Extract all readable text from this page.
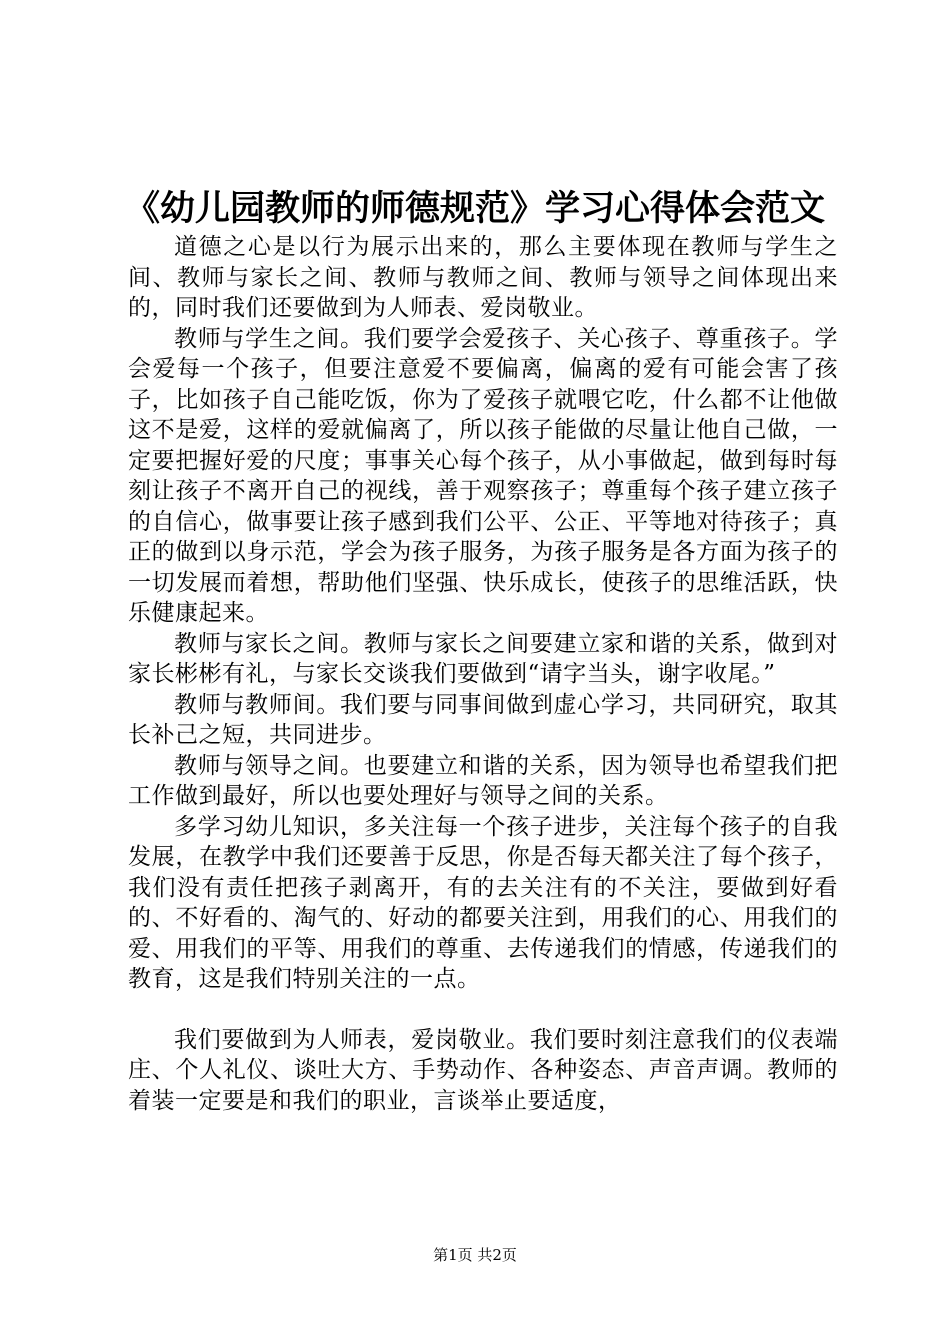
《幼儿园教师的师德规范》学习心得体会范文

道德之心是以行为展示出来的，那么主要体现在教师与学生之间、教师与家长之间、教师与教师之间、教师与领导之间体现出来的，同时我们还要做到为人师表、爱岗敬业。

教师与学生之间。我们要学会爱孩子、关心孩子、尊重孩子。学会爱每一个孩子，但要注意爱不要偏离，偏离的爱有可能会害了孩子，比如孩子自己能吃饭，你为了爱孩子就喂它吃，什么都不让他做这不是爱，这样的爱就偏离了，所以孩子能做的尽量让他自己做，一定要把握好爱的尺度；事事关心每个孩子，从小事做起，做到每时每刻让孩子不离开自己的视线，善于观察孩子；尊重每个孩子建立孩子的自信心，做事要让孩子感到我们公平、公正、平等地对待孩子；真正的做到以身示范，学会为孩子服务，为孩子服务是各方面为孩子的一切发展而着想，帮助他们坚强、快乐成长，使孩子的思维活跃，快乐健康起来。

教师与家长之间。教师与家长之间要建立家和谐的关系，做到对家长彬彬有礼，与家长交谈我们要做到“请字当头，谢字收尾。”

教师与教师间。我们要与同事间做到虚心学习，共同研究，取其长补己之短，共同进步。

教师与领导之间。也要建立和谐的关系，因为领导也希望我们把工作做到最好，所以也要处理好与领导之间的关系。

多学习幼儿知识，多关注每一个孩子进步，关注每个孩子的自我发展，在教学中我们还要善于反思，你是否每天都关注了每个孩子，我们没有责任把孩子剥离开，有的去关注有的不关注，要做到好看的、不好看的、淘气的、好动的都要关注到，用我们的心、用我们的爱、用我们的平等、用我们的尊重、去传递我们的情感，传递我们的教育，这是我们特别关注的一点。

我们要做到为人师表，爱岗敬业。我们要时刻注意我们的仪表端庄、个人礼仪、谈吐大方、手势动作、各种姿态、声音声调。教师的着装一定要是和我们的职业，言谈举止要适度，

第1页 共2页
